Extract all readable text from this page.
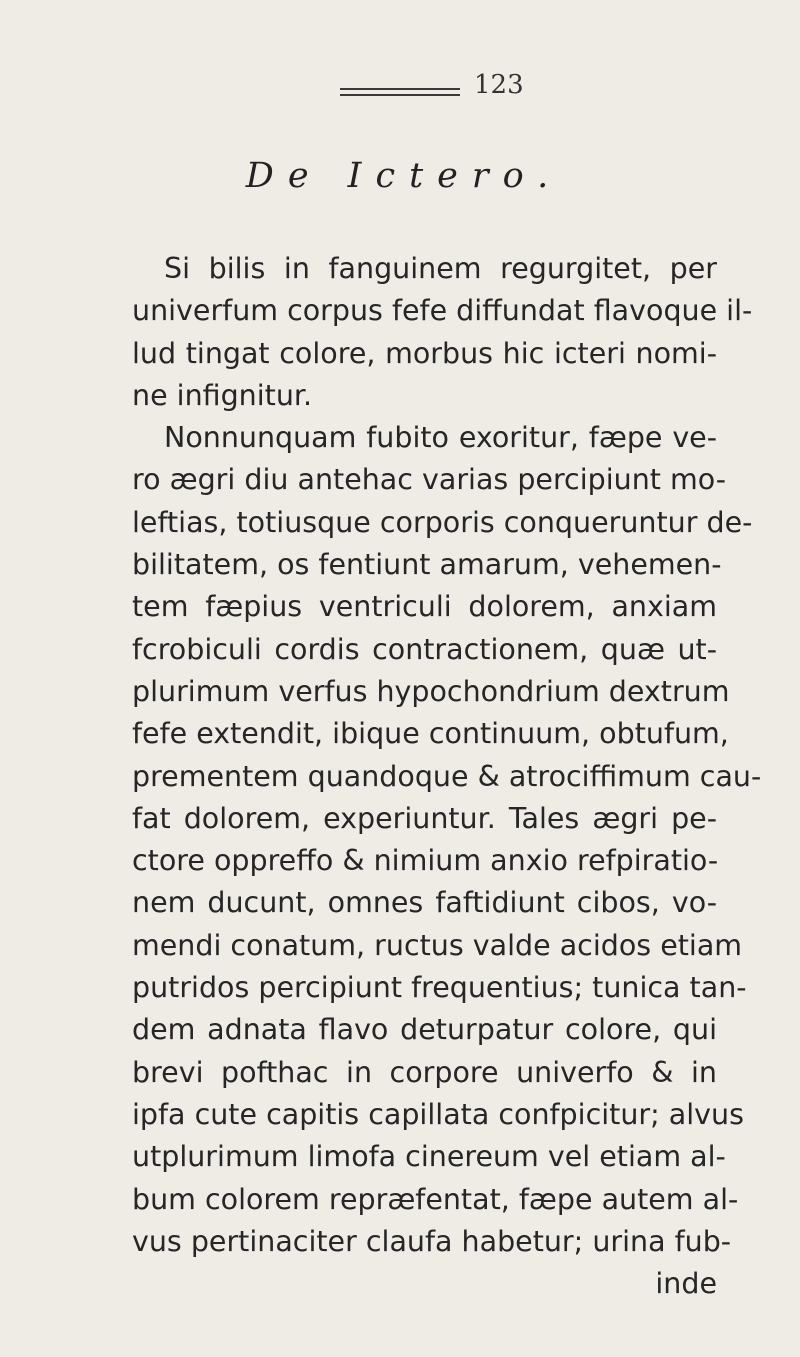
123
De Ictero.
Si bilis in fanguinem regurgitet, per
univerfum corpus fefe diffundat flavoque il-
lud tingat colore, morbus hic icteri nomi-
ne infignitur.
Nonnunquam fubito exoritur, fæpe ve-
ro ægri diu antehac varias percipiunt mo-
leftias, totiusque corporis conqueruntur de-
bilitatem, os fentiunt amarum, vehemen-
tem fæpius ventriculi dolorem, anxiam
fcrobiculi cordis contractionem, quæ ut-
plurimum verfus hypochondrium dextrum
fefe extendit, ibique continuum, obtufum,
prementem quandoque & atrociffimum cau-
fat dolorem, experiuntur. Tales ægri pe-
ctore oppreffo & nimium anxio refpiratio-
nem ducunt, omnes faftidiunt cibos, vo-
mendi conatum, ructus valde acidos etiam
putridos percipiunt frequentius; tunica tan-
dem adnata flavo deturpatur colore, qui
brevi pofthac in corpore univerfo & in
ipfa cute capitis capillata confpicitur; alvus
utplurimum limofa cinereum vel etiam al-
bum colorem repræfentat, fæpe autem al-
vus pertinaciter claufa habetur; urina fub-
inde
